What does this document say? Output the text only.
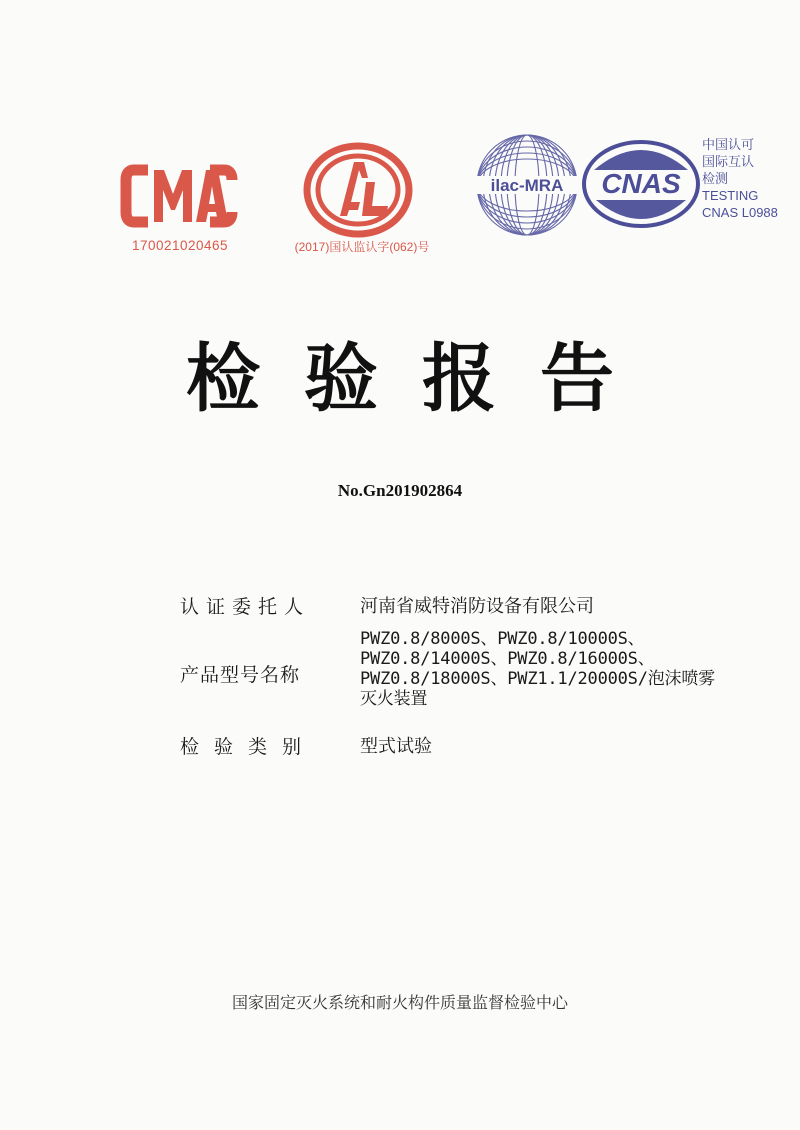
170021020465	(2017)国认监认字(062)号
ilac-MRA CNAS
中国认可
国际互认
检测
TESTING
CNAS L0988
检验报告
No.Gn201902864
认证委托人	河南省威特消防设备有限公司
产品型号名称
PWZ0.8/8000S、PWZ0.8/10000S、
PWZ0.8/14000S、PWZ0.8/16000S、
PWZ0.8/18000S、PWZ1.1/20000S/泡沫喷雾
灭火装置
检验类别 型式试验
国家固定灭火系统和耐火构件质量监督检验中心
